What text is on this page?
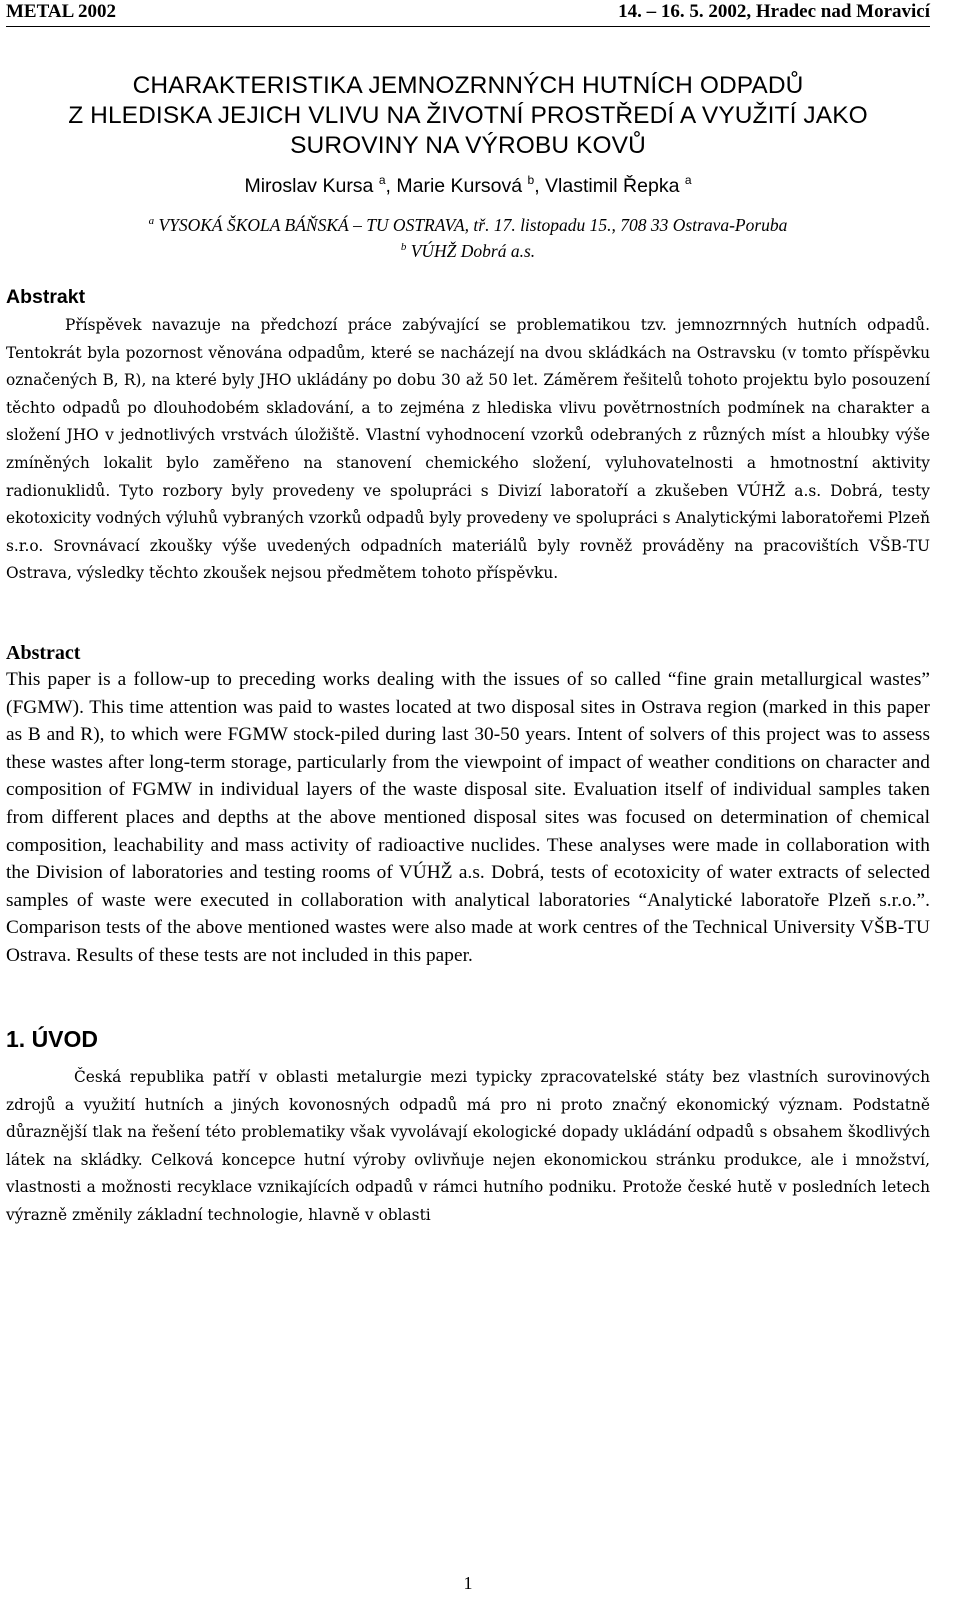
METAL 2002	14. – 16. 5. 2002, Hradec nad Moravicí
CHARAKTERISTIKA JEMNOZRNNÝCH HUTNÍCH ODPADŮ
Z HLEDISKA JEJICH VLIVU NA ŽIVOTNÍ PROSTŘEDÍ A VYUŽITÍ JAKO
SUROVINY NA VÝROBU KOVŮ
Miroslav Kursa $^a$, Marie Kursová $^b$, Vlastimil Řepka $^a$
$^a$ VYSOKÁ ŠKOLA BÁŇSKÁ – TU OSTRAVA, tř. 17. listopadu 15., 708 33 Ostrava-Poruba
$^b$ VÚHŽ Dobrá a.s.
Abstrakt

Příspěvek navazuje na předchozí práce zabývající se problematikou tzv. jemnozrnných hutních odpadů. Tentokrát byla pozornost věnována odpadům, které se nacházejí na dvou skládkách na Ostravsku (v tomto příspěvku označených B, R), na které byly JHO ukládány po dobu 30 až 50 let. Záměrem řešitelů tohoto projektu bylo posouzení těchto odpadů po dlouhodobém skladování, a to zejména z hlediska vlivu povětrnostních podmínek na charakter a složení JHO v jednotlivých vrstvách úložiště. Vlastní vyhodnocení vzorků odebraných z různých míst a hloubky výše zmíněných lokalit bylo zaměřeno na stanovení chemického složení, vyluhovatelnosti a hmotnostní aktivity radionuklidů. Tyto rozbory byly provedeny ve spolupráci s Divizí laboratoří a zkušeben VÚHŽ a.s. Dobrá, testy ekotoxicity vodných výluhů vybraných vzorků odpadů byly provedeny ve spolupráci s Analytickými laboratořemi Plzeň s.r.o. Srovnávací zkoušky výše uvedených odpadních materiálů byly rovněž prováděny na pracovištích VŠB-TU Ostrava, výsledky těchto zkoušek nejsou předmětem tohoto příspěvku.

Abstract

This paper is a follow-up to preceding works dealing with the issues of so called “fine grain metallurgical wastes” (FGMW). This time attention was paid to wastes located at two disposal sites in Ostrava region (marked in this paper as B and R), to which were FGMW stock-piled during last 30-50 years. Intent of solvers of this project was to assess these wastes after long-term storage, particularly from the viewpoint of impact of weather conditions on character and composition of FGMW in individual layers of the waste disposal site. Evaluation itself of individual samples taken from different places and depths at the above mentioned disposal sites was focused on determination of chemical composition, leachability and mass activity of radioactive nuclides. These analyses were made in collaboration with the Division of laboratories and testing rooms of VÚHŽ a.s. Dobrá, tests of ecotoxicity of water extracts of selected samples of waste were executed in collaboration with analytical laboratories “Analytické laboratoře Plzeň s.r.o.”. Comparison tests of the above mentioned wastes were also made at work centres of the Technical University VŠB-TU Ostrava. Results of these tests are not included in this paper.

1. ÚVOD

Česká republika patří v oblasti metalurgie mezi typicky zpracovatelské státy bez vlastních surovinových zdrojů a využití hutních a jiných kovonosných odpadů má pro ni proto značný ekonomický význam. Podstatně důraznější tlak na řešení této problematiky však vyvolávají ekologické dopady ukládání odpadů s obsahem škodlivých látek na skládky. Celková koncepce hutní výroby ovlivňuje nejen ekonomickou stránku produkce, ale i množství, vlastnosti a možnosti recyklace vznikajících odpadů v rámci hutního podniku. Protože české hutě v posledních letech výrazně změnily základní technologie, hlavně v oblasti

1
